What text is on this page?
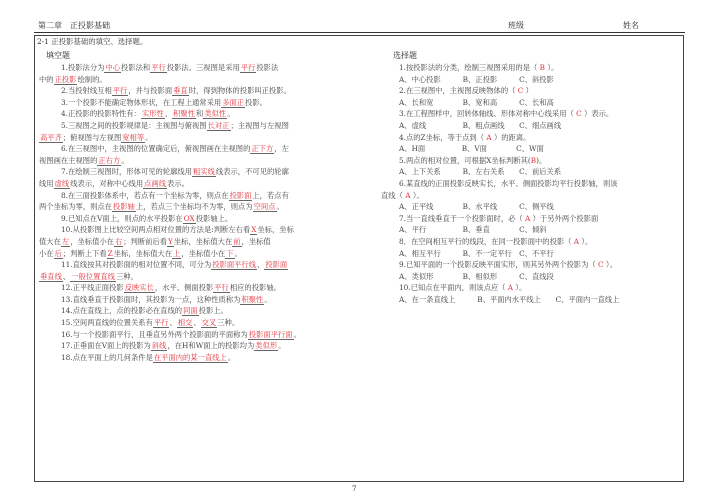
第二章　正投影基础	班级	姓名
2-1 正投影基础的填空、选择题。
填空题	选择题
1.投影法分为中心投影法和平行投影法。三视图是采用平行投影法
中的正投影绘制的。
2.当投射线互相平行，并与投影面垂直时，得到物体的投影叫正投影。
3.一个投影不能确定物体形状，在工程上通常采用多面正投影。
4.正投影的投影特性有：实形性、积聚性和类似性。
5.三视图之间的投影规律是：主视图与俯视图长对正；主视图与左视图
高平齐；俯视图与左视图宽相等。
6.在三视图中，主视图的位置确定后，俯视图画在主视图的正下方，左
视图画在主视图的正右方。
7.在绘制三视图时，形体可见的轮廓线用粗实线线表示，不可见的轮廓
线用虚线线表示，对称中心线用点画线表示。
8.在三面投影体系中，若点有一个坐标为零，则点在投影面上，若点有
两个坐标为零，则点在投影轴上，若点三个坐标均不为零，则点为空间点。
9.已知点在V面上，则点的水平投影在OX投影轴上。
10.从投影图上比较空间两点相对位置的方法是:判断左右看X坐标，坐标
值大在左，坐标值小在右；判断前后看Y坐标，坐标值大在前，坐标值
小在后；判断上下看Z坐标，坐标值大在上，坐标值小在下。
11.直线按其对投影面的相对位置不同，可分为投影面平行线、投影面
垂直线、一般位置直线三种。
12.正平线正面投影反映实长，水平、侧面投影平行相应的投影轴。
13.直线垂直于投影面时，其投影为一点，这种性质称为积聚性。
14.点在直线上，点的投影必在直线的同面投影上。
15.空间两直线的位置关系有平行、相交、交叉三种。
16.与一个投影面平行，且垂直另外两个投影面的平面称为投影面平行面。
17.正垂面在V面上的投影为斜线，在H和W面上的投影均为类似形。
18.点在平面上的几何条件是在平面内的某一直线上。
1.按投影法的分类，绘制三视图采用的是（ B ）。
A、中心投影　　　B、正投影　　　C、斜投影
2.在三视图中，主视图反映物体的（ C ）
A、长和宽　　　　B、宽和高　　　C、长和高
3.在工程图样中，回转体轴线、形体对称中心线采用（ C ）表示。
A、虚线　　　　　B、粗点画线　　C、细点画线
4.点的Z坐标，等于点到（ A ）的距离。
A、H面　　　　　B、V面　　　　C、W面
5.两点的相对位置，可根据X坐标判断其(B)。
A、上下关系　　　B、左右关系　　C、前后关系
6.某直线的正面投影反映实长，水平、侧面投影均平行投影轴，则该
直线（ A ）。
A、正平线　　　　B、水平线　　　C、侧平线
7.当一直线垂直于一个投影面时，必（ A ）于另外两个投影面
A、平行　　　　　B、垂直　　　　C、倾斜
8．在空间相互平行的线段，在同一投影面中的投影（ A ）。
A、相互平行　　　B、不一定平行　C、不平行
9.已知平面的一个投影反映平面实形，则其另外两个投影为（ C ）。
A、类似形　　　　B、相似形　　　C、直线段
10.已知点在平面内，则该点应（ A ）。
A、在一条直线上　　　B、平面内水平线上　　C、平面内一直线上
7
